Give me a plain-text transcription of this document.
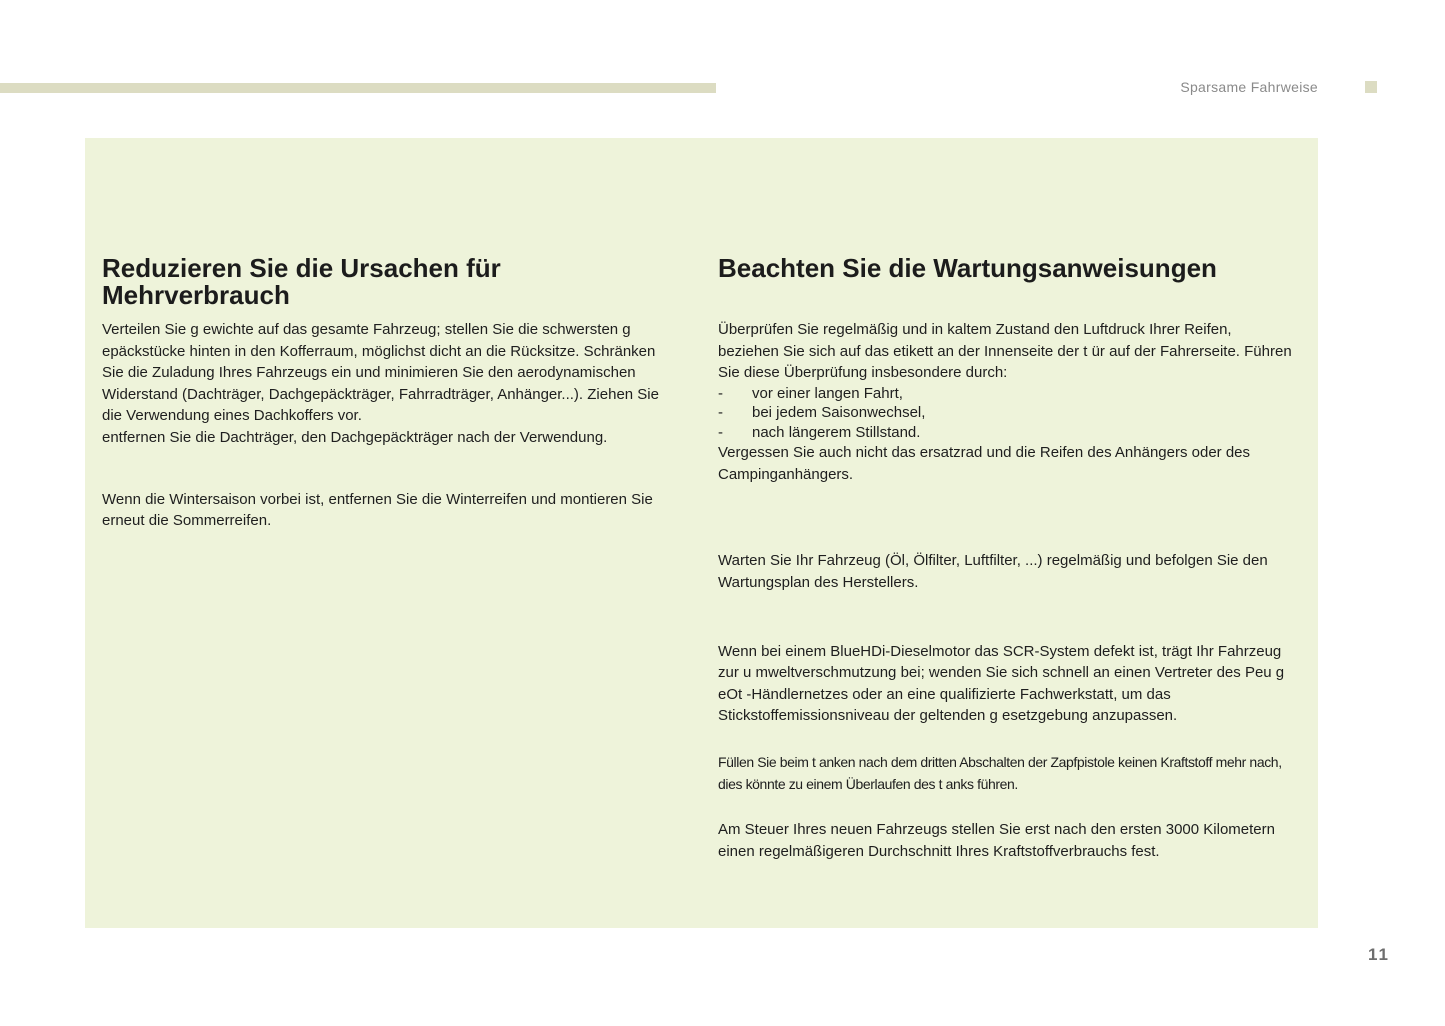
Sparsame Fahrweise
Reduzieren Sie die Ursachen für Mehrverbrauch

Verteilen Sie g ewichte auf das gesamte Fahrzeug; stellen Sie die schwersten g epäckstücke hinten in den Kofferraum, möglichst dicht an die Rücksitze. Schränken Sie die Zuladung Ihres Fahrzeugs ein und minimieren Sie den aerodynamischen Widerstand (Dachträger, Dachgepäckträger, Fahrradträger, Anhänger...). Ziehen Sie die Verwendung eines Dachkoffers vor.

entfernen Sie die Dachträger, den Dachgepäckträger nach der Verwendung.

Wenn die Wintersaison vorbei ist, entfernen Sie die Winterreifen und montieren Sie erneut die Sommerreifen.

Beachten Sie die Wartungsanweisungen

Überprüfen Sie regelmäßig und in kaltem Zustand den Luftdruck Ihrer Reifen, beziehen Sie sich auf das etikett an der Innenseite der t ür auf der Fahrerseite. Führen Sie diese Überprüfung insbesondere durch:

-	vor einer langen Fahrt,
-	bei jedem Saisonwechsel,
-	nach längerem Stillstand.

Vergessen Sie auch nicht das ersatzrad und die Reifen des Anhängers oder des Campinganhängers.

Warten Sie Ihr Fahrzeug (Öl, Ölfilter, Luftfilter, ...) regelmäßig und befolgen Sie den Wartungsplan des Herstellers.

Wenn bei einem BlueHDi-Dieselmotor das SCR-System defekt ist, trägt Ihr Fahrzeug zur u mweltverschmutzung bei; wenden Sie sich schnell an einen Vertreter des Peu g eOt -Händlernetzes oder an eine qualifizierte Fachwerkstatt, um das Stickstoffemissionsniveau der geltenden g esetzgebung anzupassen.

Füllen Sie beim t anken nach dem dritten Abschalten der Zapfpistole keinen Kraftstoff mehr nach, dies könnte zu einem Überlaufen des t anks führen.

Am Steuer Ihres neuen Fahrzeugs stellen Sie erst nach den ersten 3000 Kilometern einen regelmäßigeren Durchschnitt Ihres Kraftstoffverbrauchs fest.

11
